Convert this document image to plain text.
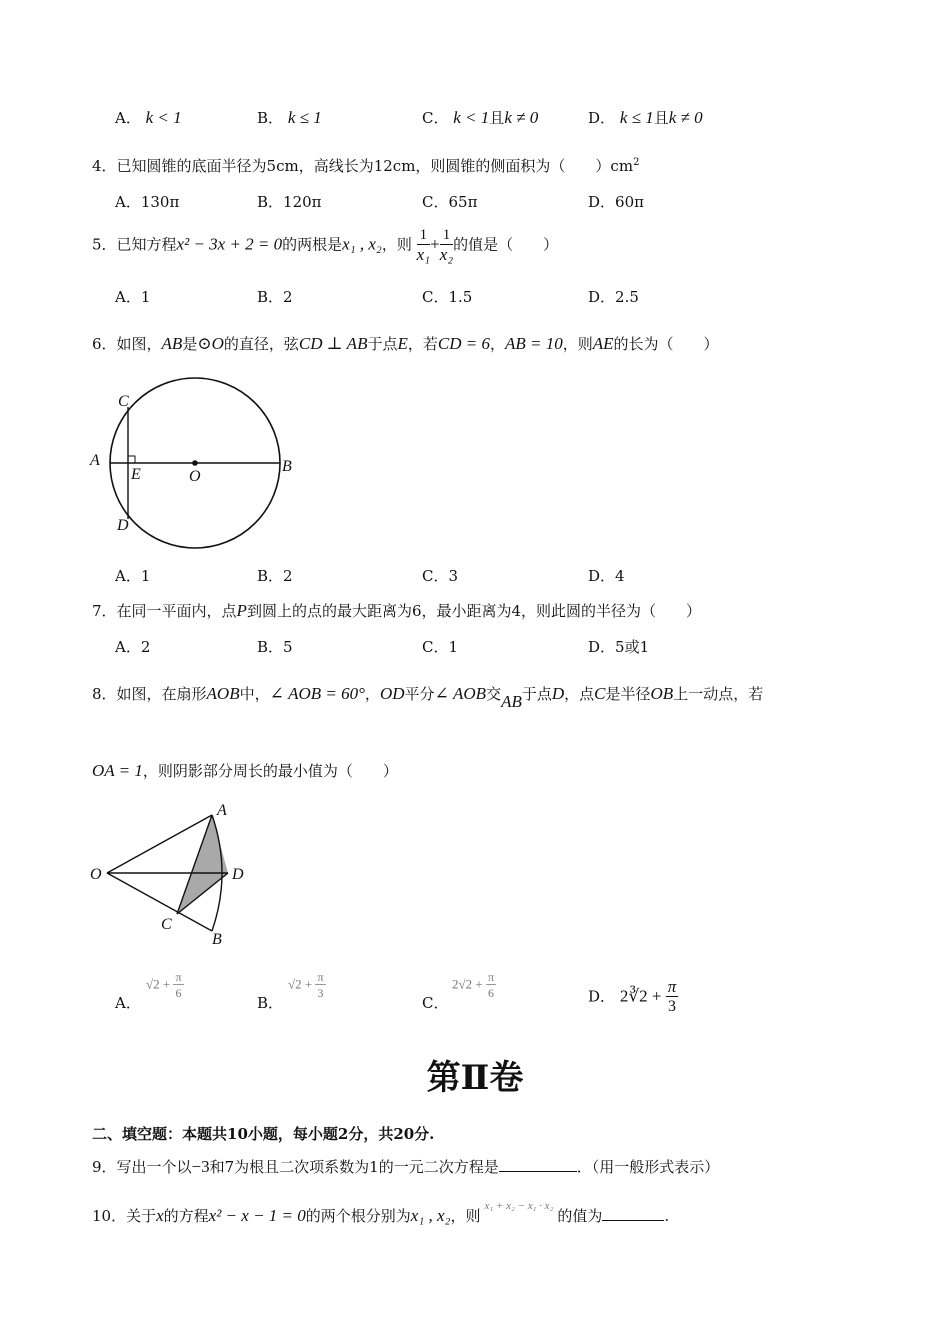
A． k < 1	B． k ≤ 1	C． k < 1且k ≠ 0	D． k ≤ 1且k ≠ 0
4．已知圆锥的底面半径为5cm，高线长为12cm，则圆锥的侧面积为（　　）$cm^2$
A．130π	B．120π	C．65π	D．60π
5．已知方程x² − 3x + 2 = 0的两根是x₁ , x₂，则 $\frac{1}{\text{x₁}} + \frac{1}{\text{x₂}}$ 的值是（　　）
A．1	B．2	C．1.5	D．2.5
6．如图，AB是⊙O的直径，弦CD ⊥ AB于点E，若CD = 6，AB = 10，则AE的长为（　　）
C
A
E	O
B
D
A．1	B．2	C．3	D．4
7．在同一平面内，点P到圆上的点的最大距离为6，最小距离为4，则此圆的半径为（　　）
A．2	B．5	C．1	D．5或1
8．如图，在扇形AOB中，∠ AOB = 60°，OD平分∠ AOB交AB于点D，点C是半径OB上一动点，若
OA = 1，则阴影部分周长的最小值为（　　）
A
O	D
C
B
A．
$√2 + \frac{\pi}{6}$
B．
$√2 + \frac{\pi}{3}$
C．
$2√2 + \frac{\pi}{6}$	D． 2∛2 + $\frac{\pi}{3}$
第Ⅱ卷
二、填空题：本题共10小题，每小题2分，共20分.
9．写出一个以−3和7为根且二次项系数为1的一元二次方程是	．（用一般形式表示）
10．关于x的方程x² − x − 1 = 0的两个根分别为x₁ , x₂，则$^{x_1 + x_2 - x_1 \cdot x_2}$的值为	.
